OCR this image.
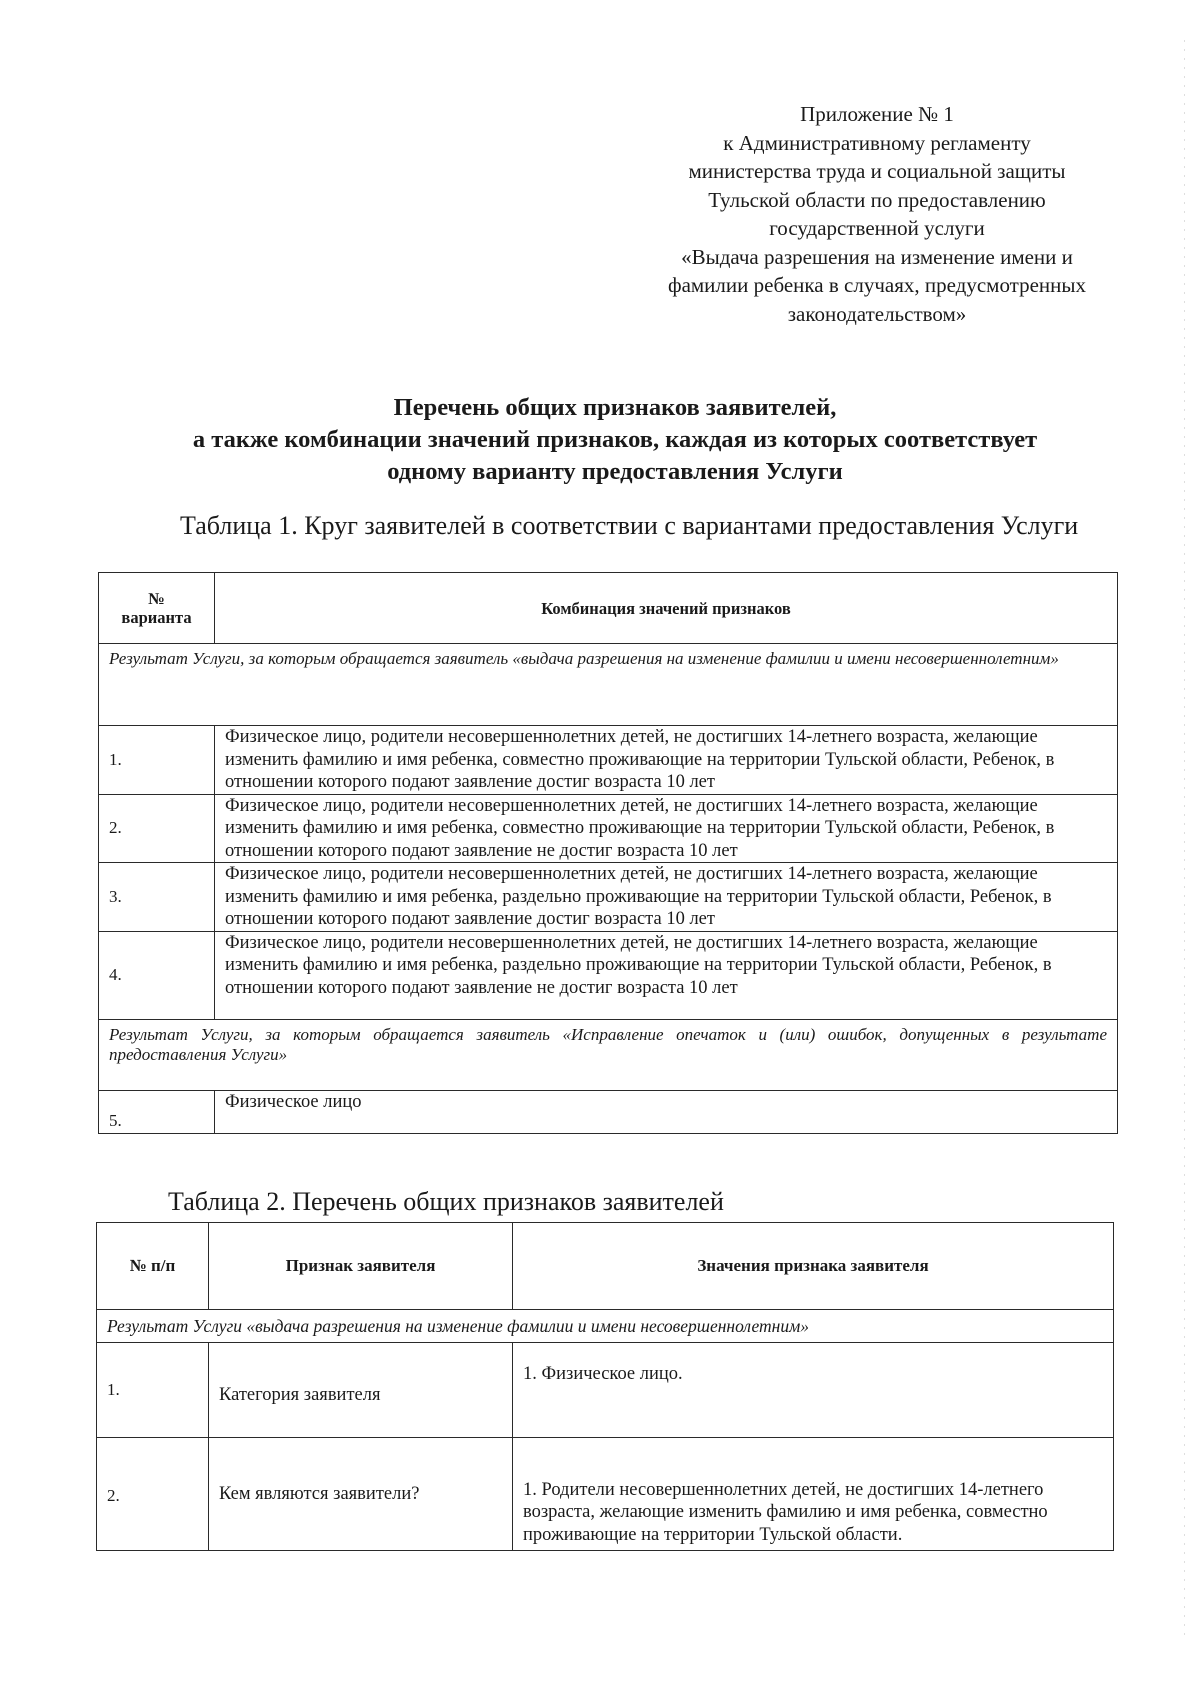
Приложение № 1
к Административному регламенту
министерства труда и социальной защиты
Тульской области по предоставлению
государственной услуги
«Выдача разрешения на изменение имени и
фамилии ребенка в случаях, предусмотренных
законодательством»
Перечень общих признаков заявителей,
а также комбинации значений признаков, каждая из которых соответствует
одному варианту предоставления Услуги
Таблица 1. Круг заявителей в соответствии с вариантами предоставления Услуги
№
варианта	Комбинация значений признаков
Результат Услуги, за которым обращается заявитель «выдача разрешения на изменение фамилии и имени несовершеннолетним»	
1.	Физическое лицо, родители несовершеннолетних детей, не достигших 14-летнего возраста, желающие изменить фамилию и имя ребенка, совместно проживающие на территории Тульской области, Ребенок, в отношении которого подают заявление достиг возраста 10 лет
2.	Физическое лицо, родители несовершеннолетних детей, не достигших 14-летнего возраста, желающие изменить фамилию и имя ребенка, совместно проживающие на территории Тульской области, Ребенок, в отношении которого подают заявление не достиг возраста 10 лет
3.	Физическое лицо, родители несовершеннолетних детей, не достигших 14-летнего возраста, желающие изменить фамилию и имя ребенка, раздельно проживающие на территории Тульской области, Ребенок, в отношении которого подают заявление достиг возраста 10 лет
4.	Физическое лицо, родители несовершеннолетних детей, не достигших 14-летнего возраста, желающие изменить фамилию и имя ребенка, раздельно проживающие на территории Тульской области, Ребенок, в отношении которого подают заявление не достиг возраста 10 лет
Результат Услуги, за которым обращается заявитель «Исправление опечаток и (или) ошибок, допущенных в результате предоставления Услуги»	
5.	Физическое лицо
Таблица 2. Перечень общих признаков заявителей
№ п/п	Признак заявителя	Значения признака заявителя
Результат Услуги «выдача разрешения на изменение фамилии и имени несовершеннолетним»		
1.	Категория заявителя	1. Физическое лицо.
2.	Кем являются заявители?	1. Родители несовершеннолетних детей, не достигших 14-летнего возраста, желающие изменить фамилию и имя ребенка, совместно проживающие на территории Тульской области.
